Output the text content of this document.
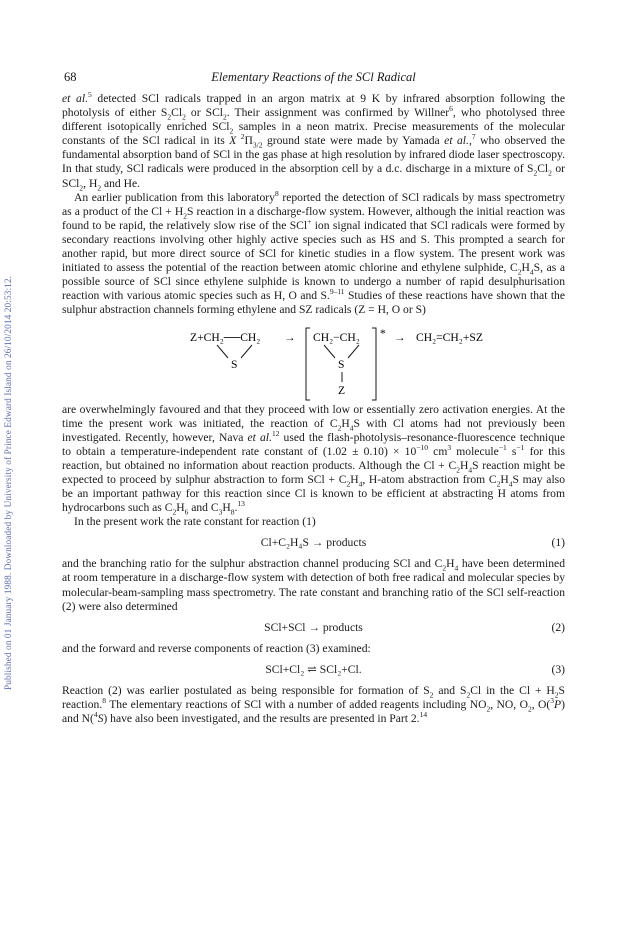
Published on 01 January 1988. Downloaded by University of Prince Edward Island on 26/10/2014 20:53:12.
68	Elementary Reactions of the SCl Radical

et al.$^5$ detected SCl radicals trapped in an argon matrix at 9 K by infrared absorption following the photolysis of either $S_2Cl_2$ or SCl$_2$. Their assignment was confirmed by Willner$^6$, who photolysed three different isotopically enriched SCl$_2$ samples in a neon matrix. Precise measurements of the molecular constants of the SCl radical in its X $^2\Pi_{3/2}$ ground state were made by Yamada et al.,$^7$ who observed the fundamental absorption band of SCl in the gas phase at high resolution by infrared diode laser spectroscopy. In that study, SCl radicals were produced in the absorption cell by a d.c. discharge in a mixture of $S_2Cl_2$ or SCl$_2$, $H_2$ and He.

An earlier publication from this laboratory$^8$ reported the detection of SCl radicals by mass spectrometry as a product of the $Cl + H_2S$ reaction in a discharge-flow system. However, although the initial reaction was found to be rapid, the relatively slow rise of the SCl+ ion signal indicated that SCl radicals were formed by secondary reactions involving other highly active species such as HS and S. This prompted a search for another rapid, but more direct source of SCl for kinetic studies in a flow system. The present work was initiated to assess the potential of the reaction between atomic chlorine and ethylene sulphide, $C_2H_4S$, as a possible source of SCl since ethylene sulphide is known to undergo a number of rapid desulphurisation reaction with various atomic species such as H, O and S.$^{9-11}$ Studies of these reactions have shown that the sulphur abstraction channels forming ethylene and SZ radicals (Z = H, O or S)

Z+CH₂──CH₂
S
→ CH₂−CH₂
S
Z
* → CH₂=CH₂+SZ

are overwhelmingly favoured and that they proceed with low or essentially zero activation energies. At the time the present work was initiated, the reaction of $C_2H_4S$ with Cl atoms had not previously been investigated. Recently, however, Nava et al.$^{12}$ used the flash-photolysis–resonance-fluorescence technique to obtain a temperature-independent rate constant of $(1.02 \pm 0.10) \times 10^{-10}$ $cm^3$ molecule$^{-1}$ $s^{-1}$ for this reaction, but obtained no information about reaction products. Although the $Cl + C_2H_4S$ reaction might be expected to proceed by sulphur abstraction to form SCl + $C_2H_4$, H-atom abstraction from $C_2H_4S$ may also be an important pathway for this reaction since Cl is known to be efficient at abstracting H atoms from hydrocarbons such as $C_2H_6$ and $C_3H_8.^{13}$

In the present work the rate constant for reaction (1)

Cl+C₂H₄S → products	(1)

and the branching ratio for the sulphur abstraction channel producing SCl and $C_2H_4$ have been determined at room temperature in a discharge-flow system with detection of both free radical and molecular species by molecular-beam-sampling mass spectrometry. The rate constant and branching ratio of the SCl self-reaction (2) were also determined

SCl+SCl → products	(2)

and the forward and reverse components of reaction (3) examined:

SCl+Cl₂ ⇌ SCl₂+Cl.	(3)

Reaction (2) was earlier postulated as being responsible for formation of $S_2$ and $S_2Cl$ in the $Cl + H_2S$ reaction.$^8$ The elementary reactions of SCl with a number of added reagents including $NO_2$, NO, $O_2$, O($^3$P) and N($^4$S) have also been investigated, and the results are presented in Part 2.14
